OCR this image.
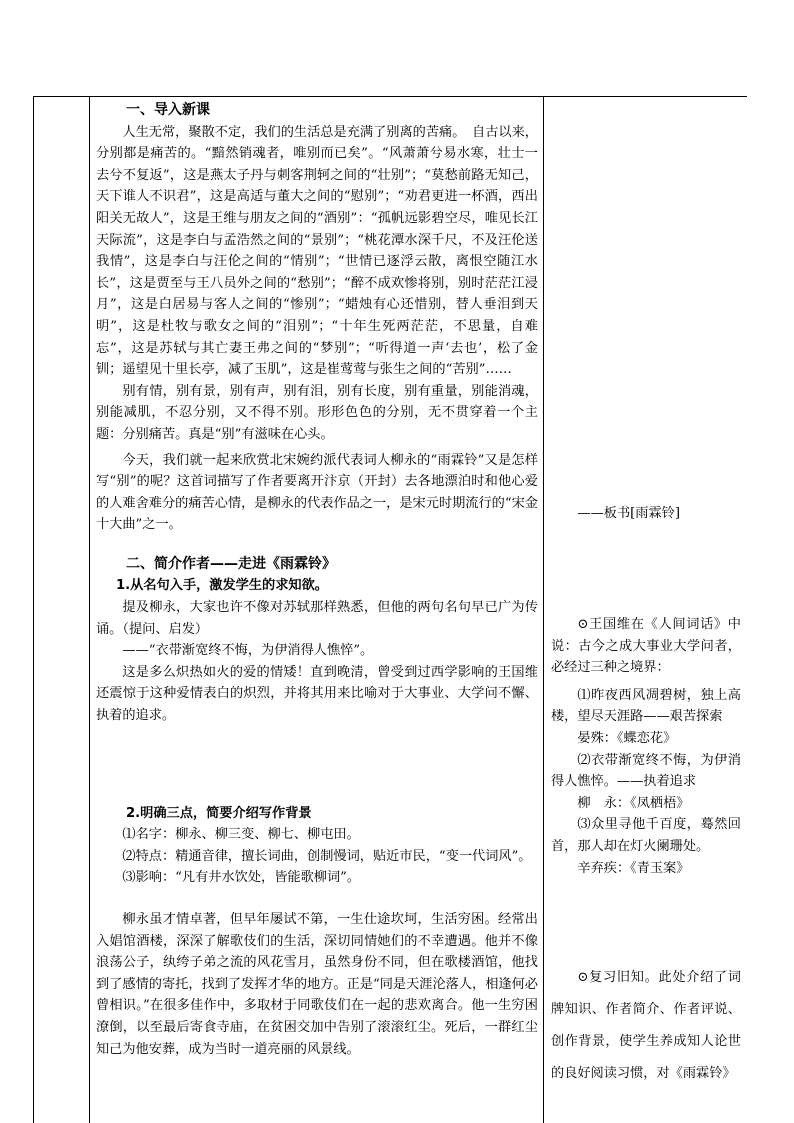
一、导入新课

人生无常，聚散不定，我们的生活总是充满了别离的苦痛。　自古以来，分别都是痛苦的。“黯然销魂者，唯别而已矣”。“风萧萧兮易水寒，壮士一去兮不复返”，这是燕太子丹与刺客荆轲之间的“壮别”；“莫愁前路无知己，天下谁人不识君”，这是高适与董大之间的“慰别”；“劝君更进一杯酒，西出阳关无故人”，这是王维与朋友之间的“酒别”：“孤帆远影碧空尽，唯见长江天际流”，这是李白与孟浩然之间的“景别”；“桃花潭水深千尺，不及汪伦送我情”，这是李白与汪伦之间的“情别”；“世情已逐浮云散，离恨空随江水长”，这是贾至与王八员外之间的“愁别”；“醉不成欢惨将别，别时茫茫江浸月”，这是白居易与客人之间的“惨别”；“蜡烛有心还惜别，替人垂泪到天明”，这是杜牧与歌女之间的“泪别”；“十年生死两茫茫，不思量，自难忘”，这是苏轼与其亡妻王弗之间的“梦别”；“听得道一声‘去也’，松了金钏；遥望见十里长亭，减了玉肌”，这是崔莺莺与张生之间的“苦别”……

别有情，别有景，别有声，别有泪，别有长度，别有重量，别能消魂，别能减肌，不忍分别，又不得不别。形形色色的分别，无不贯穿着一个主题：分别痛苦。真是“别”有滋味在心头。

今天，我们就一起来欣赏北宋婉约派代表词人柳永的“雨霖铃”又是怎样写“别”的呢？这首词描写了作者要离开汴京（开封）去各地漂泊时和他心爱的人难舍难分的痛苦心情，是柳永的代表作品之一，是宋元时期流行的“宋金十大曲”之一。

二、简介作者——走进《雨霖铃》

1.从名句入手，激发学生的求知欲。

提及柳永，大家也许不像对苏轼那样熟悉，但他的两句名句早已广为传诵。（提问、启发）

——“衣带渐宽终不悔，为伊消得人憔悴”。

这是多么炽热如火的爱的情矮！直到晚清，曾受到过西学影响的王国维还震惊于这种爱情表白的炽烈，并将其用来比喻对于大事业、大学问不懈、执着的追求。

2.明确三点，简要介绍写作背景

⑴名字：柳永、柳三变、柳七、柳屯田。

⑵特点：精通音律，擅长词曲，创制慢词，贴近市民，“变一代词风”。

⑶影响：“凡有井水饮处，皆能歌柳词”。

柳永虽才情卓著，但早年屡试不第，一生仕途坎坷，生活穷困。经常出入娼馆酒楼，深深了解歌伎们的生活，深切同情她们的不幸遭遇。他并不像浪荡公子，纨绔子弟之流的风花雪月，虽然身份不同，但在歌楼酒馆，他找到了感情的寄托，找到了发挥才华的地方。正是“同是天涯沦落人，相逢何必曾相识。”在很多佳作中，多取材于同歌伎们在一起的悲欢离合。他一生穷困潦倒，以至最后寄食寺庙，在贫困交加中告别了滚滚红尘。死后，一群红尘知己为他安葬，成为当时一道亮丽的风景线。

——板书[雨霖铃]

⊙王国维在《人间词话》中说：古今之成大事业大学问者，必经过三种之境界：

⑴昨夜西风凋碧树，独上高楼，望尽天涯路——艰苦探索

晏殊：《蝶恋花》

⑵衣带渐宽终不悔，为伊消得人憔悴。——执着追求

柳　永：《凤栖梧》

⑶众里寻他千百度，蓦然回首，那人却在灯火阑珊处。

辛弃疾：《青玉案》

⊙复习旧知。此处介绍了词牌知识、作者简介、作者评说、创作背景，使学生养成知人论世的良好阅读习惯，对《雨霖铃》
